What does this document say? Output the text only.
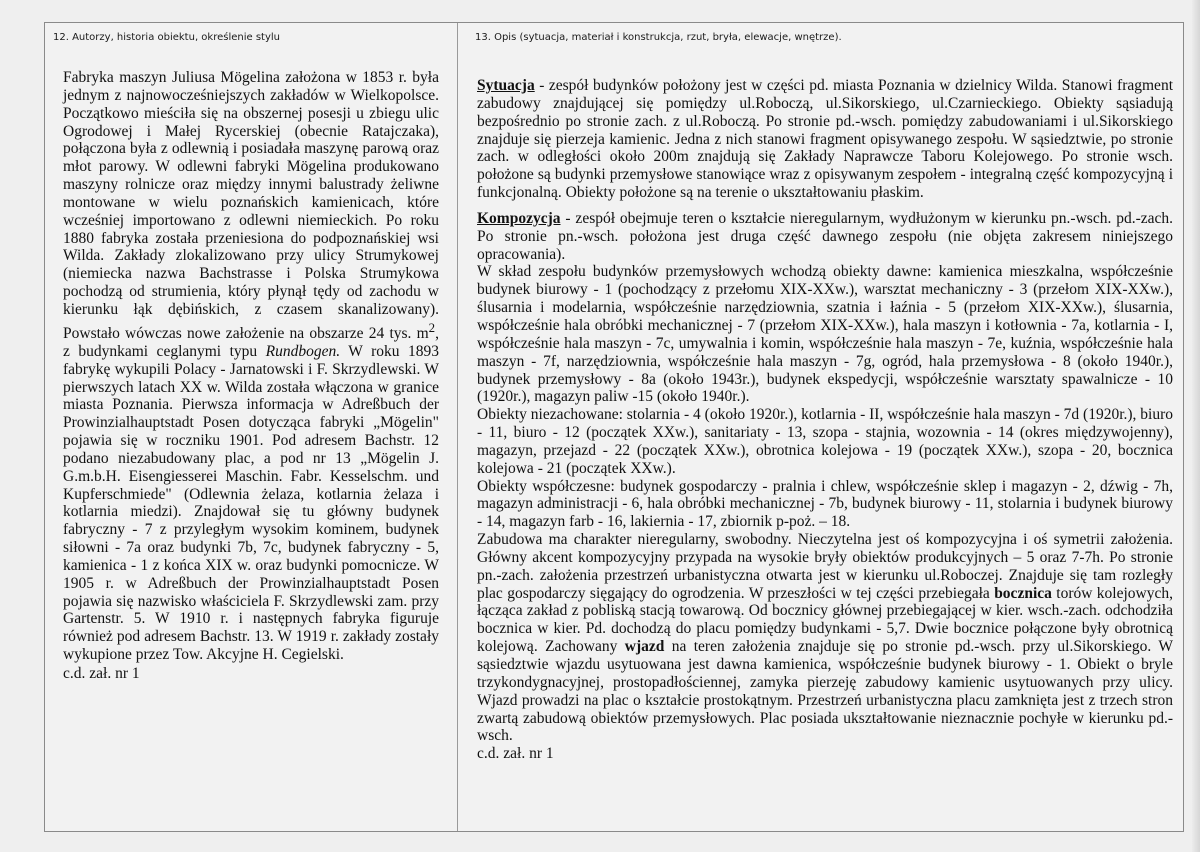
12. Autorzy, historia obiektu, określenie stylu	13. Opis (sytuacja, materiał i konstrukcja, rzut, bryła, elewacje, wnętrze).

Fabryka maszyn Juliusa Mögelina założona w 1853 r. była jednym z najnowocześniejszych zakładów w Wielkopolsce. Początkowo mieściła się na obszernej posesji u zbiegu ulic Ogrodowej i Małej Rycerskiej (obecnie Ratajczaka), połączona była z odlewnią i posiadała maszynę parową oraz młot parowy. W odlewni fabryki Mögelina produkowano maszyny rolnicze oraz między innymi balustrady żeliwne montowane w wielu poznańskich kamienicach, które wcześniej importowano z odlewni niemieckich. Po roku 1880 fabryka została przeniesiona do podpoznańskiej wsi Wilda. Zakłady zlokalizowano przy ulicy Strumykowej (niemiecka nazwa Bachstrasse i Polska Strumykowa pochodzą od strumienia, który płynął tędy od zachodu w kierunku łąk dębińskich, z czasem skanalizowany). Powstało wówczas nowe założenie na obszarze 24 tys. $m^2$, z budynkami ceglanymi typu Rundbogen. W roku 1893 fabrykę wykupili Polacy - Jarnatowski i F. Skrzydlewski. W pierwszych latach XX w. Wilda została włączona w granice miasta Poznania. Pierwsza informacja w Adreßbuch der Prowinzialhauptstadt Posen dotycząca fabryki „Mögelin" pojawia się w roczniku 1901. Pod adresem Bachstr. 12 podano niezabudowany plac, a pod nr 13 „Mögelin J. G.m.b.H. Eisengiesserei Maschin. Fabr. Kesselschm. und Kupferschmiede" (Odlewnia żelaza, kotlarnia żelaza i kotlarnia miedzi). Znajdował się tu główny budynek fabryczny - 7 z przyległym wysokim kominem, budynek siłowni - 7a oraz budynki 7b, 7c, budynek fabryczny - 5, kamienica - 1 z końca XIX w. oraz budynki pomocnicze. W 1905 r. w Adreßbuch der Prowinzialhauptstadt Posen pojawia się nazwisko właściciela F. Skrzydlewski zam. przy Gartenstr. 5. W 1910 r. i następnych fabryka figuruje również pod adresem Bachstr. 13. W 1919 r. zakłady zostały wykupione przez Tow. Akcyjne H. Cegielski.

c.d. zał. nr 1

Sytuacja - zespół budynków położony jest w części pd. miasta Poznania w dzielnicy Wilda. Stanowi fragment zabudowy znajdującej się pomiędzy ul.Roboczą, ul.Sikorskiego, ul.Czarnieckiego. Obiekty sąsiadują bezpośrednio po stronie zach. z ul.Roboczą. Po stronie pd.-wsch. pomiędzy zabudowaniami i ul.Sikorskiego znajduje się pierzeja kamienic. Jedna z nich stanowi fragment opisywanego zespołu. W sąsiedztwie, po stronie zach. w odległości około 200m znajdują się Zakłady Naprawcze Taboru Kolejowego. Po stronie wsch. położone są budynki przemysłowe stanowiące wraz z opisywanym zespołem - integralną część kompozycyjną i funkcjonalną. Obiekty położone są na terenie o ukształtowaniu płaskim.

Kompozycja - zespół obejmuje teren o kształcie nieregularnym, wydłużonym w kierunku pn.-wsch. pd.-zach. Po stronie pn.-wsch. położona jest druga część dawnego zespołu (nie objęta zakresem niniejszego opracowania).

W skład zespołu budynków przemysłowych wchodzą obiekty dawne: kamienica mieszkalna, współcześnie budynek biurowy - 1 (pochodzący z przełomu XIX-XXw.), warsztat mechaniczny - 3 (przełom XIX-XXw.), ślusarnia i modelarnia, współcześnie narzędziownia, szatnia i łaźnia - 5 (przełom XIX-XXw.), ślusarnia, współcześnie hala obróbki mechanicznej - 7 (przełom XIX-XXw.), hala maszyn i kotłownia - 7a, kotlarnia - I, współcześnie hala maszyn - 7c, umywalnia i komin, współcześnie hala maszyn - 7e, kuźnia, współcześnie hala maszyn - 7f, narzędziownia, współcześnie hala maszyn - 7g, ogród, hala przemysłowa - 8 (około 1940r.), budynek przemysłowy - 8a (około 1943r.), budynek ekspedycji, współcześnie warsztaty spawalnicze - 10 (1920r.), magazyn paliw -15 (około 1940r.).

Obiekty niezachowane: stolarnia - 4 (około 1920r.), kotlarnia - II, współcześnie hala maszyn - 7d (1920r.), biuro - 11, biuro - 12 (początek XXw.), sanitariaty - 13, szopa - stajnia, wozownia - 14 (okres międzywojenny), magazyn, przejazd - 22 (początek XXw.), obrotnica kolejowa - 19 (początek XXw.), szopa - 20, bocznica kolejowa - 21 (początek XXw.).

Obiekty współczesne: budynek gospodarczy - pralnia i chlew, współcześnie sklep i magazyn - 2, dźwig - 7h, magazyn administracji - 6, hala obróbki mechanicznej - 7b, budynek biurowy - 11, stolarnia i budynek biurowy - 14, magazyn farb - 16, lakiernia - 17, zbiornik p-poż. – 18.

Zabudowa ma charakter nieregularny, swobodny. Nieczytelna jest oś kompozycyjna i oś symetrii założenia. Główny akcent kompozycyjny przypada na wysokie bryły obiektów produkcyjnych – 5 oraz 7-7h. Po stronie pn.-zach. założenia przestrzeń urbanistyczna otwarta jest w kierunku ul.Roboczej. Znajduje się tam rozległy plac gospodarczy sięgający do ogrodzenia. W przeszłości w tej części przebiegała bocznica torów kolejowych, łącząca zakład z pobliską stacją towarową. Od bocznicy głównej przebiegającej w kier. wsch.-zach. odchodziła bocznica w kier. Pd. dochodzą do placu pomiędzy budynkami - 5,7. Dwie bocznice połączone były obrotnicą kolejową. Zachowany wjazd na teren założenia znajduje się po stronie pd.-wsch. przy ul.Sikorskiego. W sąsiedztwie wjazdu usytuowana jest dawna kamienica, współcześnie budynek biurowy - 1. Obiekt o bryle trzykondygnacyjnej, prostopadłościennej, zamyka pierzeję zabudowy kamienic usytuowanych przy ulicy. Wjazd prowadzi na plac o kształcie prostokątnym. Przestrzeń urbanistyczna placu zamknięta jest z trzech stron zwartą zabudową obiektów przemysłowych. Plac posiada ukształtowanie nieznacznie pochyłe w kierunku pd.-wsch.

c.d. zał. nr 1
